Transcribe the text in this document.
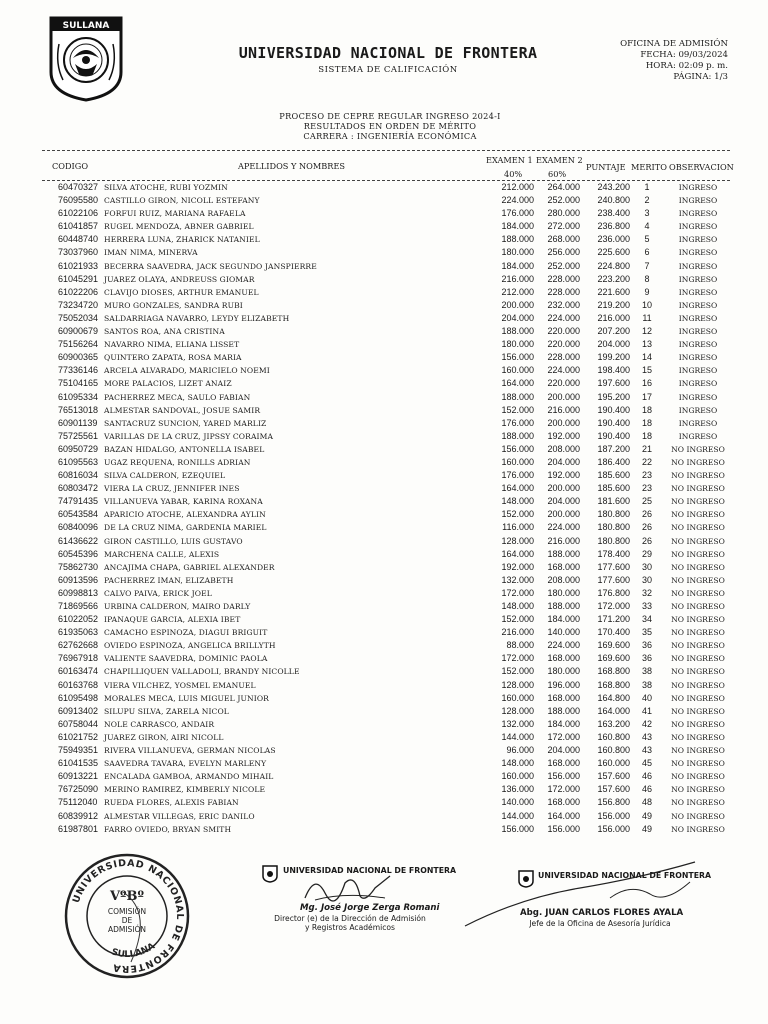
SULLANA
UNIVERSIDAD NACIONAL DE FRONTERA
SISTEMA DE CALIFICACIÓN
OFICINA DE ADMISIÓN
FECHA: 09/03/2024
HORA: 02:09 p. m.
PÁGINA: 1/3
PROCESO DE CEPRE REGULAR INGRESO 2024-I
RESULTADOS EN ORDEN DE MÉRITO
CARRERA : INGENIERÍA ECONÓMICA
CODIGO	APELLIDOS Y NOMBRES
EXAMEN 1 EXAMEN 2
40%	60%
PUNTAJE MERITO OBSERVACION
60470327 SILVA ATOCHE, RUBI YOZMIN	212.000	264.000	243.200	1	INGRESO
76095580 CASTILLO GIRON, NICOLL ESTEFANY	224.000	252.000	240.800	2	INGRESO
61022106 FORFUI RUIZ, MARIANA RAFAELA	176.000	280.000	238.400	3	INGRESO
61041857 RUGEL MENDOZA, ABNER GABRIEL	184.000	272.000	236.800	4	INGRESO
60448740 HERRERA LUNA, ZHARICK NATANIEL	188.000	268.000	236.000	5	INGRESO
73037960 IMAN NIMA, MINERVA	180.000	256.000	225.600	6	INGRESO
61021933 BECERRA SAAVEDRA, JACK SEGUNDO JANSPIERRE	184.000	252.000	224.800	7	INGRESO
61045291 JUAREZ OLAYA, ANDREUSS GIOMAR	216.000	228.000	223.200	8	INGRESO
61022206 CLAVIJO DIOSES, ARTHUR EMANUEL	212.000	228.000	221.600	9	INGRESO
73234720 MURO GONZALES, SANDRA RUBI	200.000	232.000	219.200	10	INGRESO
75052034 SALDARRIAGA NAVARRO, LEYDY ELIZABETH	204.000	224.000	216.000	11	INGRESO
60900679 SANTOS ROA, ANA CRISTINA	188.000	220.000	207.200	12	INGRESO
75156264 NAVARRO NIMA, ELIANA LISSET	180.000	220.000	204.000	13	INGRESO
60900365 QUINTERO ZAPATA, ROSA MARIA	156.000	228.000	199.200	14	INGRESO
77336146 ARCELA ALVARADO, MARICIELO NOEMI	160.000	224.000	198.400	15	INGRESO
75104165 MORE PALACIOS, LIZET ANAIZ	164.000	220.000	197.600	16	INGRESO
61095334 PACHERREZ MECA, SAULO FABIAN	188.000	200.000	195.200	17	INGRESO
76513018 ALMESTAR SANDOVAL, JOSUE SAMIR	152.000	216.000	190.400	18	INGRESO
60901139 SANTACRUZ SUNCION, YARED MARLIZ	176.000	200.000	190.400	18	INGRESO
75725561 VARILLAS DE LA CRUZ, JIPSSY CORAIMA	188.000	192.000	190.400	18	INGRESO
60950729 BAZAN HIDALGO, ANTONELLA ISABEL	156.000	208.000	187.200	21	NO INGRESO
61095563 UGAZ REQUENA, RONILLS ADRIAN	160.000	204.000	186.400	22	NO INGRESO
60816034 SILVA CALDERON, EZEQUIEL	176.000	192.000	185.600	23	NO INGRESO
60803472 VIERA LA CRUZ, JENNIFER INES	164.000	200.000	185.600	23	NO INGRESO
74791435 VILLANUEVA YABAR, KARINA ROXANA	148.000	204.000	181.600	25	NO INGRESO
60543584 APARICIO ATOCHE, ALEXANDRA AYLIN	152.000	200.000	180.800	26	NO INGRESO
60840096 DE LA CRUZ NIMA, GARDENIA MARIEL	116.000	224.000	180.800	26	NO INGRESO
61436622 GIRON CASTILLO, LUIS GUSTAVO	128.000	216.000	180.800	26	NO INGRESO
60545396 MARCHENA CALLE, ALEXIS	164.000	188.000	178.400	29	NO INGRESO
75862730 ANCAJIMA CHAPA, GABRIEL ALEXANDER	192.000	168.000	177.600	30	NO INGRESO
60913596 PACHERREZ IMAN, ELIZABETH	132.000	208.000	177.600	30	NO INGRESO
60998813 CALVO PAIVA, ERICK JOEL	172.000	180.000	176.800	32	NO INGRESO
71869566 URBINA CALDERON, MAIRO DARLY	148.000	188.000	172.000	33	NO INGRESO
61022052 IPANAQUE GARCIA, ALEXIA IBET	152.000	184.000	171.200	34	NO INGRESO
61935063 CAMACHO ESPINOZA, DIAGUI BRIGUIT	216.000	140.000	170.400	35	NO INGRESO
62762668 OVIEDO ESPINOZA, ANGELICA BRILLYTH	88.000	224.000	169.600	36	NO INGRESO
76967918 VALIENTE SAAVEDRA, DOMINIC PAOLA	172.000	168.000	169.600	36	NO INGRESO
60163474 CHAPILLIQUEN VALLADOLI, BRANDY NICOLLE	152.000	180.000	168.800	38	NO INGRESO
60163768 VIERA VILCHEZ, YOSMEL EMANUEL	128.000	196.000	168.800	38	NO INGRESO
61095498 MORALES MECA, LUIS MIGUEL JUNIOR	160.000	168.000	164.800	40	NO INGRESO
60913402 SILUPU SILVA, ZARELA NICOL	128.000	188.000	164.000	41	NO INGRESO
60758044 NOLE CARRASCO, ANDAIR	132.000	184.000	163.200	42	NO INGRESO
61021752 JUAREZ GIRON, AIRI NICOLL	144.000	172.000	160.800	43	NO INGRESO
75949351 RIVERA VILLANUEVA, GERMAN NICOLAS	96.000	204.000	160.800	43	NO INGRESO
61041535 SAAVEDRA TAVARA, EVELYN MARLENY	148.000	168.000	160.000	45	NO INGRESO
60913221 ENCALADA GAMBOA, ARMANDO MIHAIL	160.000	156.000	157.600	46	NO INGRESO
76725090 MERINO RAMIREZ, KIMBERLY NICOLE	136.000	172.000	157.600	46	NO INGRESO
75112040 RUEDA FLORES, ALEXIS FABIAN	140.000	168.000	156.800	48	NO INGRESO
60839912 ALMESTAR VILLEGAS, ERIC DANILO	144.000	164.000	156.000	49	NO INGRESO
61987801 FARRO OVIEDO, BRYAN SMITH	156.000	156.000	156.000	49	NO INGRESO
UNIVERSIDAD NACIONAL DE FRONTERA
SULLANA
VºBº
COMISIÓN
DE
ADMISIÓN
UNIVERSIDAD NACIONAL DE FRONTERA
Mg. José Jorge Zerga Romani
Director (e) de la Dirección de Admisión
y Registros Académicos
UNIVERSIDAD NACIONAL DE FRONTERA
Abg. JUAN CARLOS FLORES AYALA
Jefe de la Oficina de Asesoría Jurídica
